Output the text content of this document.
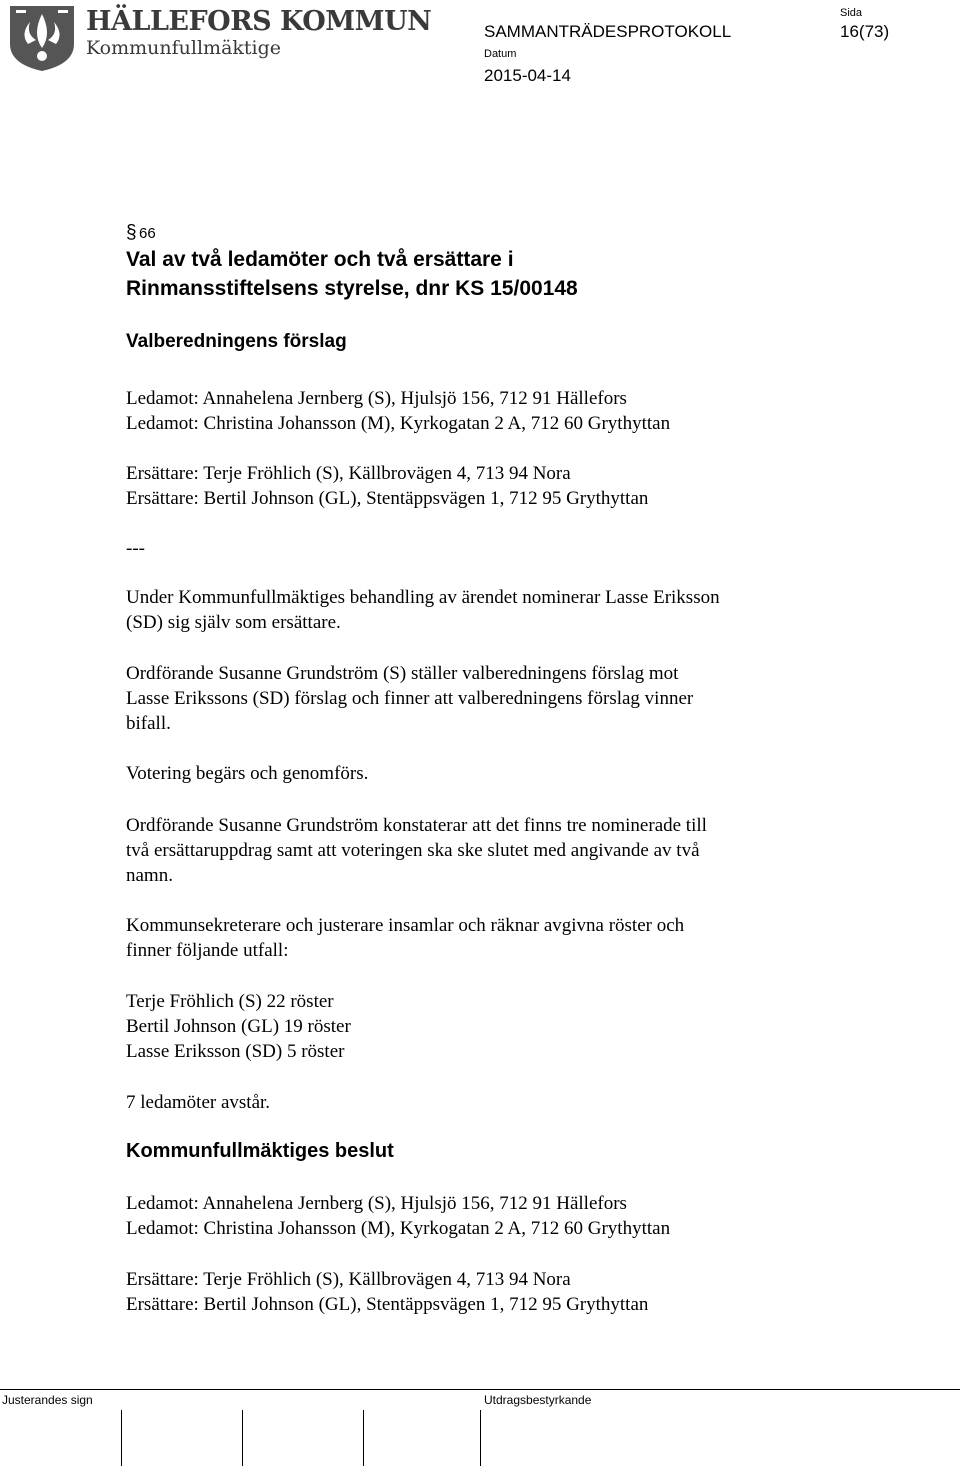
HÄLLEFORS KOMMUN
Kommunfullmäktige
Sida
SAMMANTRÄDESPROTOKOLL	16(73)
Datum
2015-04-14
§ 66
Val av två ledamöter och två ersättare i
Rinmansstiftelsens styrelse, dnr KS 15/00148
Valberedningens förslag
Ledamot: Annahelena Jernberg (S), Hjulsjö 156, 712 91 Hällefors
Ledamot: Christina Johansson (M), Kyrkogatan 2 A, 712 60 Grythyttan
Ersättare: Terje Fröhlich (S), Källbrovägen 4, 713 94 Nora
Ersättare: Bertil Johnson (GL), Stentäppsvägen 1, 712 95 Grythyttan
---
Under Kommunfullmäktiges behandling av ärendet nominerar Lasse Eriksson
(SD) sig själv som ersättare.
Ordförande Susanne Grundström (S) ställer valberedningens förslag mot
Lasse Erikssons (SD) förslag och finner att valberedningens förslag vinner
bifall.
Votering begärs och genomförs.
Ordförande Susanne Grundström konstaterar att det finns tre nominerade till
två ersättaruppdrag samt att voteringen ska ske slutet med angivande av två
namn.
Kommunsekreterare och justerare insamlar och räknar avgivna röster och
finner följande utfall:
Terje Fröhlich (S) 22 röster
Bertil Johnson (GL) 19 röster
Lasse Eriksson (SD) 5 röster
7 ledamöter avstår.
Kommunfullmäktiges beslut
Ledamot: Annahelena Jernberg (S), Hjulsjö 156, 712 91 Hällefors
Ledamot: Christina Johansson (M), Kyrkogatan 2 A, 712 60 Grythyttan
Ersättare: Terje Fröhlich (S), Källbrovägen 4, 713 94 Nora
Ersättare: Bertil Johnson (GL), Stentäppsvägen 1, 712 95 Grythyttan
Justerandes sign	Utdragsbestyrkande
